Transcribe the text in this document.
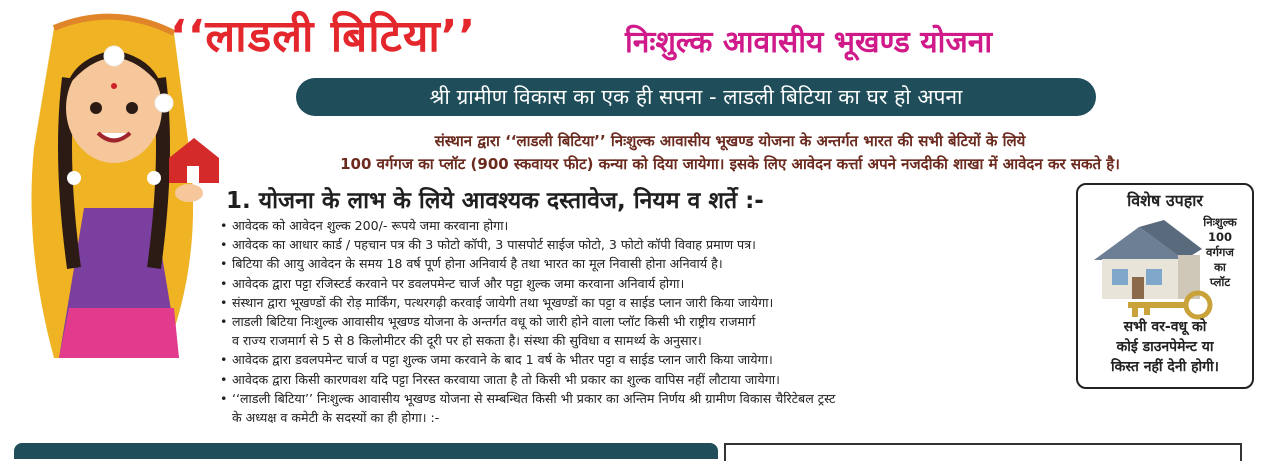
‘‘लाडली बिटिया’’	निःशुल्क आवासीय भूखण्ड योजना
श्री ग्रामीण विकास का एक ही सपना - लाडली बिटिया का घर हो अपना
संस्थान द्वारा ‘‘लाडली बिटिया’’ निःशुल्क आवासीय भूखण्ड योजना के अन्तर्गत भारत की सभी बेटियों के लिये
100 वर्गगज का प्लॉट (900 स्कवायर फीट) कन्या को दिया जायेगा। इसके लिए आवेदन कर्त्ता अपने नजदीकी शाखा में आवेदन कर सकते है।
1. योजना के लाभ के लिये आवश्यक दस्तावेज, नियम व शर्ते :-
• आवेदक को आवेदन शुल्क 200/- रूपये जमा करवाना होगा।
• आवेदक का आधार कार्ड / पहचान पत्र की 3 फोटो कॉपी, 3 पासपोर्ट साईज फोटो, 3 फोटो कॉपी विवाह प्रमाण पत्र।
• बिटिया की आयु आवेदन के समय 18 वर्ष पूर्ण होना अनिवार्य है तथा भारत का मूल निवासी होना अनिवार्य है।
• आवेदक द्वारा पट्टा रजिस्टर्ड करवाने पर डवलपमेन्ट चार्ज और पट्टा शुल्क जमा करवाना अनिवार्य होगा।
• संस्थान द्वारा भूखण्डों की रोड़ मार्किंग, पत्थरगढ़ी करवाई जायेगी तथा भूखण्डों का पट्टा व साईड प्लान जारी किया जायेगा।
• लाडली बिटिया निःशुल्क आवासीय भूखण्ड योजना के अन्तर्गत वधू को जारी होने वाला प्लॉट किसी भी राष्ट्रीय राजमार्ग
व राज्य राजमार्ग से 5 से 8 किलोमीटर की दूरी पर हो सकता है। संस्था की सुविधा व सामर्थ्य के अनुसार।
• आवेदक द्वारा डवलपमेन्ट चार्ज व पट्टा शुल्क जमा करवाने के बाद 1 वर्ष के भीतर पट्टा व साईड प्लान जारी किया जायेगा।
• आवेदक द्वारा किसी कारणवश यदि पट्टा निरस्त करवाया जाता है तो किसी भी प्रकार का शुल्क वापिस नहीं लौटाया जायेगा।
• ‘‘लाडली बिटिया’’ निःशुल्क आवासीय भूखण्ड योजना से सम्बन्धित किसी भी प्रकार का अन्तिम निर्णय श्री ग्रामीण विकास चैरिटेबल ट्रस्ट
के अध्यक्ष व कमेटी के सदस्यों का ही होगा। :-
विशेष उपहार
निःशुल्क
100
वर्गगज
का
प्लॉट
सभी वर-वधू को
कोई डाउनपेमेन्ट या
किस्त नहीं देनी होगी।
